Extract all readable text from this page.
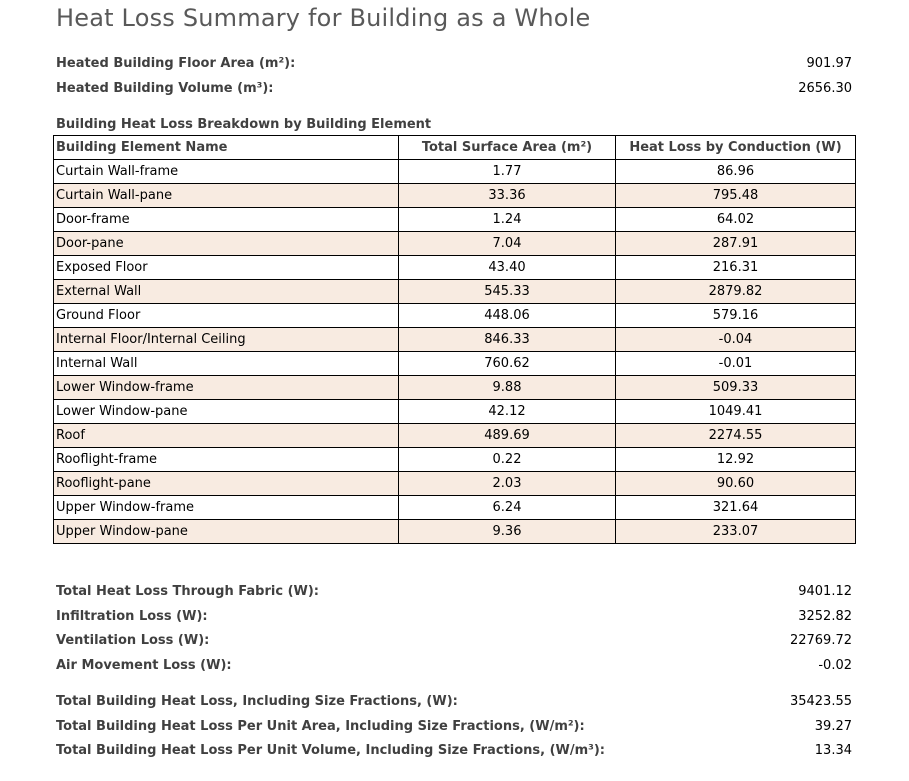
Heat Loss Summary for Building as a Whole
Heated Building Floor Area (m²):	901.97
Heated Building Volume (m³):	2656.30
Building Heat Loss Breakdown by Building Element
Building Element Name	Total Surface Area (m²)	Heat Loss by Conduction (W)
Curtain Wall-frame	1.77	86.96
Curtain Wall-pane	33.36	795.48
Door-frame	1.24	64.02
Door-pane	7.04	287.91
Exposed Floor	43.40	216.31
External Wall	545.33	2879.82
Ground Floor	448.06	579.16
Internal Floor/Internal Ceiling	846.33	-0.04
Internal Wall	760.62	-0.01
Lower Window-frame	9.88	509.33
Lower Window-pane	42.12	1049.41
Roof	489.69	2274.55
Rooflight-frame	0.22	12.92
Rooflight-pane	2.03	90.60
Upper Window-frame	6.24	321.64
Upper Window-pane	9.36	233.07
Total Heat Loss Through Fabric (W):	9401.12
Infiltration Loss (W):	3252.82
Ventilation Loss (W):	22769.72
Air Movement Loss (W):	-0.02
Total Building Heat Loss, Including Size Fractions, (W):	35423.55
Total Building Heat Loss Per Unit Area, Including Size Fractions, (W/m²):	39.27
Total Building Heat Loss Per Unit Volume, Including Size Fractions, (W/m³):	13.34
